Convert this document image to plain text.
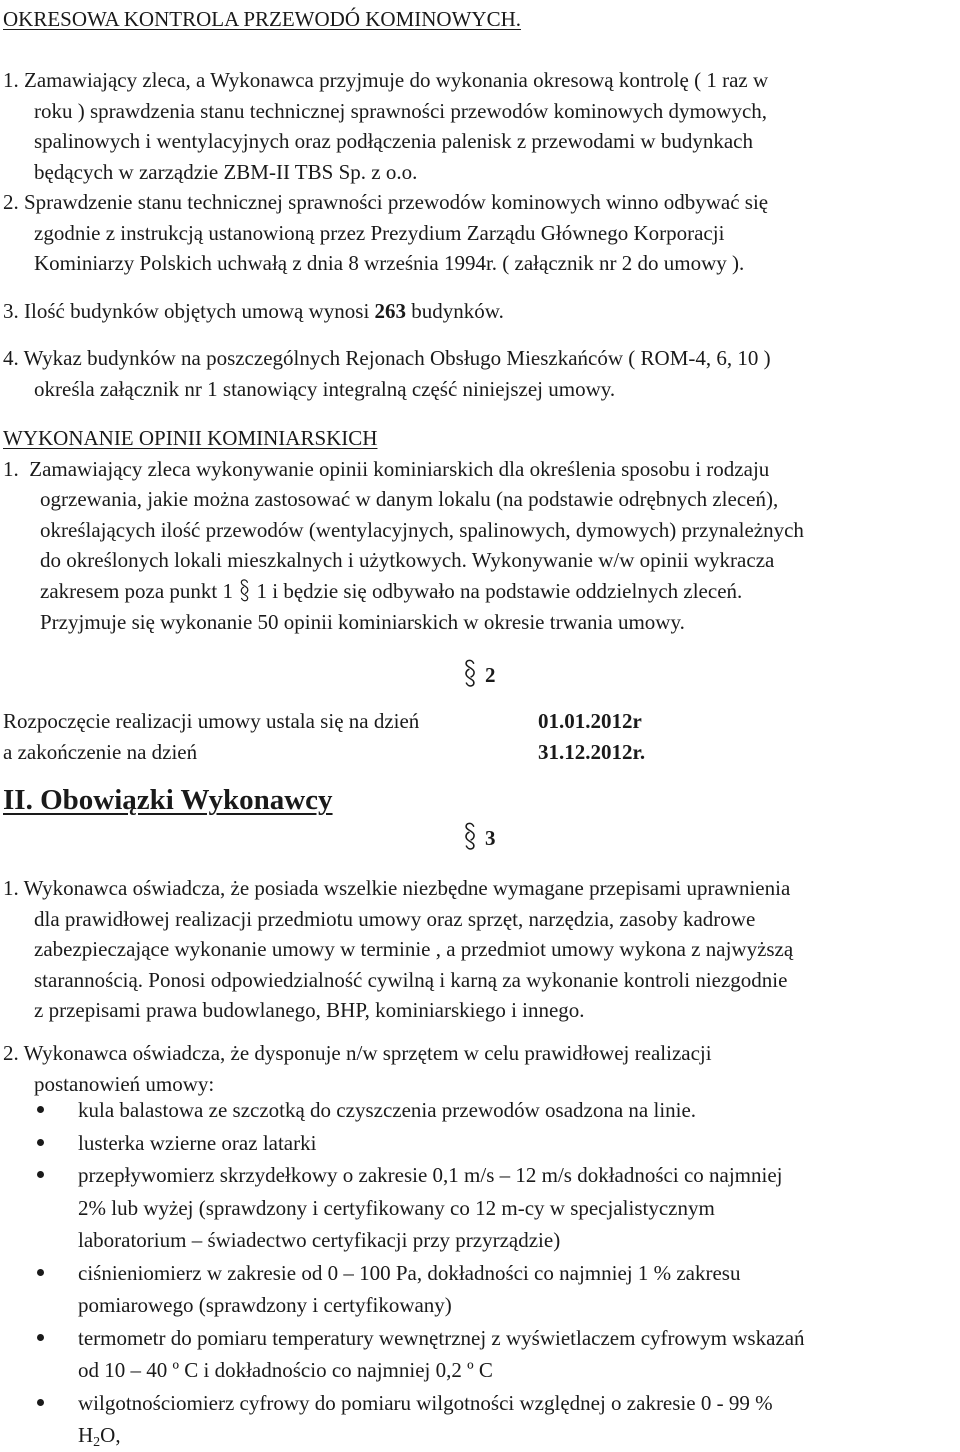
OKRESOWA KONTROLA PRZEWODÓ KOMINOWYCH.
1. Zamawiający zleca, a Wykonawca przyjmuje do wykonania okresową kontrolę ( 1 raz w
roku ) sprawdzenia stanu technicznej sprawności przewodów kominowych dymowych,
spalinowych i wentylacyjnych oraz podłączenia palenisk z przewodami w budynkach
będących w zarządzie ZBM-II TBS Sp. z o.o.
2. Sprawdzenie stanu technicznej sprawności przewodów kominowych winno odbywać się
zgodnie z instrukcją ustanowioną przez Prezydium Zarządu Głównego Korporacji
Kominiarzy Polskich uchwałą z dnia 8 września 1994r. ( załącznik nr 2 do umowy ).
3. Ilość budynków objętych umową wynosi 263 budynków.
4. Wykaz budynków na poszczególnych Rejonach Obsługo Mieszkańców ( ROM-4, 6, 10 )
określa załącznik nr 1 stanowiący integralną część niniejszej umowy.
WYKONANIE OPINII KOMINIARSKICH
1. Zamawiający zleca wykonywanie opinii kominiarskich dla określenia sposobu i rodzaju
ogrzewania, jakie można zastosować w danym lokalu (na podstawie odrębnych zleceń),
określających ilość przewodów (wentylacyjnych, spalinowych, dymowych) przynależnych
do określonych lokali mieszkalnych i użytkowych. Wykonywanie w/w opinii wykracza
zakresem poza punkt 1  1 i będzie się odbywało na podstawie oddzielnych zleceń.
Przyjmuje się wykonanie 50 opinii kominiarskich w okresie trwania umowy.
2
Rozpoczęcie realizacji umowy ustala się na dzień	01.01.2012r
a zakończenie na dzień	31.12.2012r.
II. Obowiązki Wykonawcy
3
1. Wykonawca oświadcza, że posiada wszelkie niezbędne wymagane przepisami uprawnienia
dla prawidłowej realizacji przedmiotu umowy oraz sprzęt, narzędzia, zasoby kadrowe
zabezpieczające wykonanie umowy w terminie , a przedmiot umowy wykona z najwyższą
starannością. Ponosi odpowiedzialność cywilną i karną za wykonanie kontroli niezgodnie
z przepisami prawa budowlanego, BHP, kominiarskiego i innego.
2. Wykonawca oświadcza, że dysponuje n/w sprzętem w celu prawidłowej realizacji
postanowień umowy:
kula balastowa ze szczotką do czyszczenia przewodów osadzona na linie.
lusterka wzierne oraz latarki
przepływomierz skrzydełkowy o zakresie 0,1 m/s – 12 m/s dokładności co najmniej
2% lub wyżej (sprawdzony i certyfikowany co 12 m-cy w specjalistycznym
laboratorium – świadectwo certyfikacji przy przyrządzie)
ciśnieniomierz w zakresie od 0 – 100 Pa, dokładności co najmniej 1 % zakresu
pomiarowego (sprawdzony i certyfikowany)
termometr do pomiaru temperatury wewnętrznej z wyświetlaczem cyfrowym wskazań
od 10 – 40 º C i dokładnościo co najmniej 0,2 º C
wilgotnościomierz cyfrowy do pomiaru wilgotności względnej o zakresie 0 - 99 %
$H_2O$,
